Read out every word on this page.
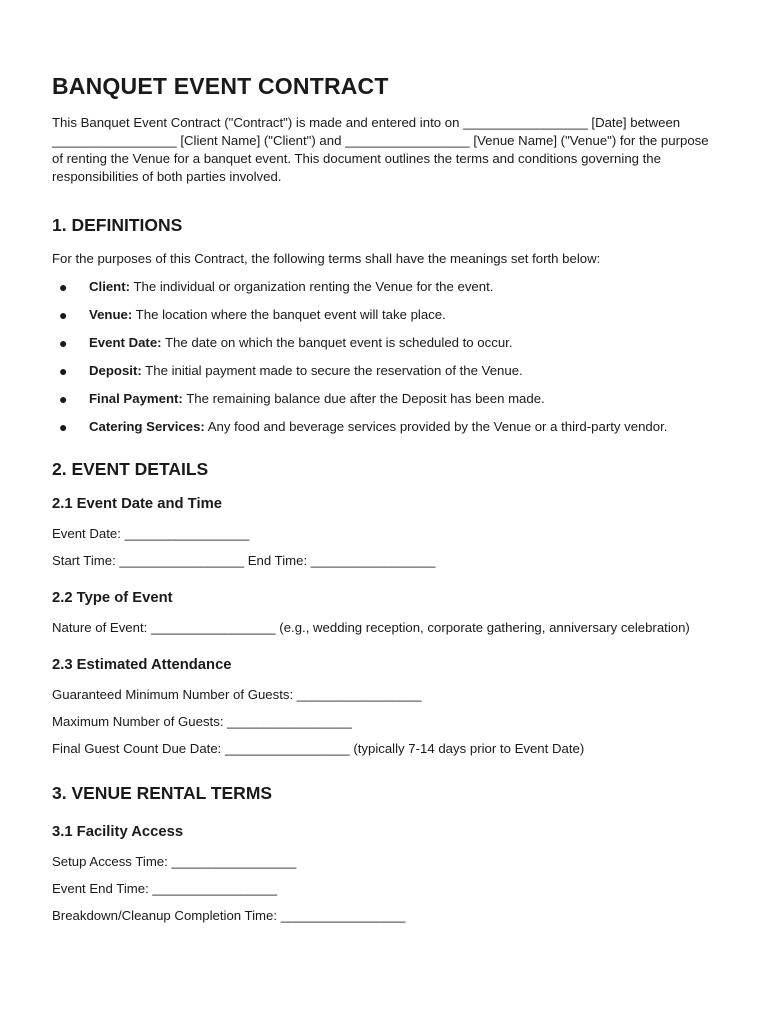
BANQUET EVENT CONTRACT

This Banquet Event Contract ("Contract") is made and entered into on _________________ [Date] between _________________ [Client Name] ("Client") and _________________ [Venue Name] ("Venue") for the purpose of renting the Venue for a banquet event. This document outlines the terms and conditions governing the responsibilities of both parties involved.

1. DEFINITIONS

For the purposes of this Contract, the following terms shall have the meanings set forth below:

● Client: The individual or organization renting the Venue for the event.
● Venue: The location where the banquet event will take place.
● Event Date: The date on which the banquet event is scheduled to occur.
● Deposit: The initial payment made to secure the reservation of the Venue.
● Final Payment: The remaining balance due after the Deposit has been made.
● Catering Services: Any food and beverage services provided by the Venue or a third-party vendor.
2. EVENT DETAILS
2.1 Event Date and Time

Event Date: _________________

Start Time: _________________ End Time: _________________

2.2 Type of Event

Nature of Event: _________________ (e.g., wedding reception, corporate gathering, anniversary celebration)

2.3 Estimated Attendance

Guaranteed Minimum Number of Guests: _________________

Maximum Number of Guests: _________________

Final Guest Count Due Date: _________________ (typically 7-14 days prior to Event Date)

3. VENUE RENTAL TERMS
3.1 Facility Access

Setup Access Time: _________________

Event End Time: _________________

Breakdown/Cleanup Completion Time: _________________
